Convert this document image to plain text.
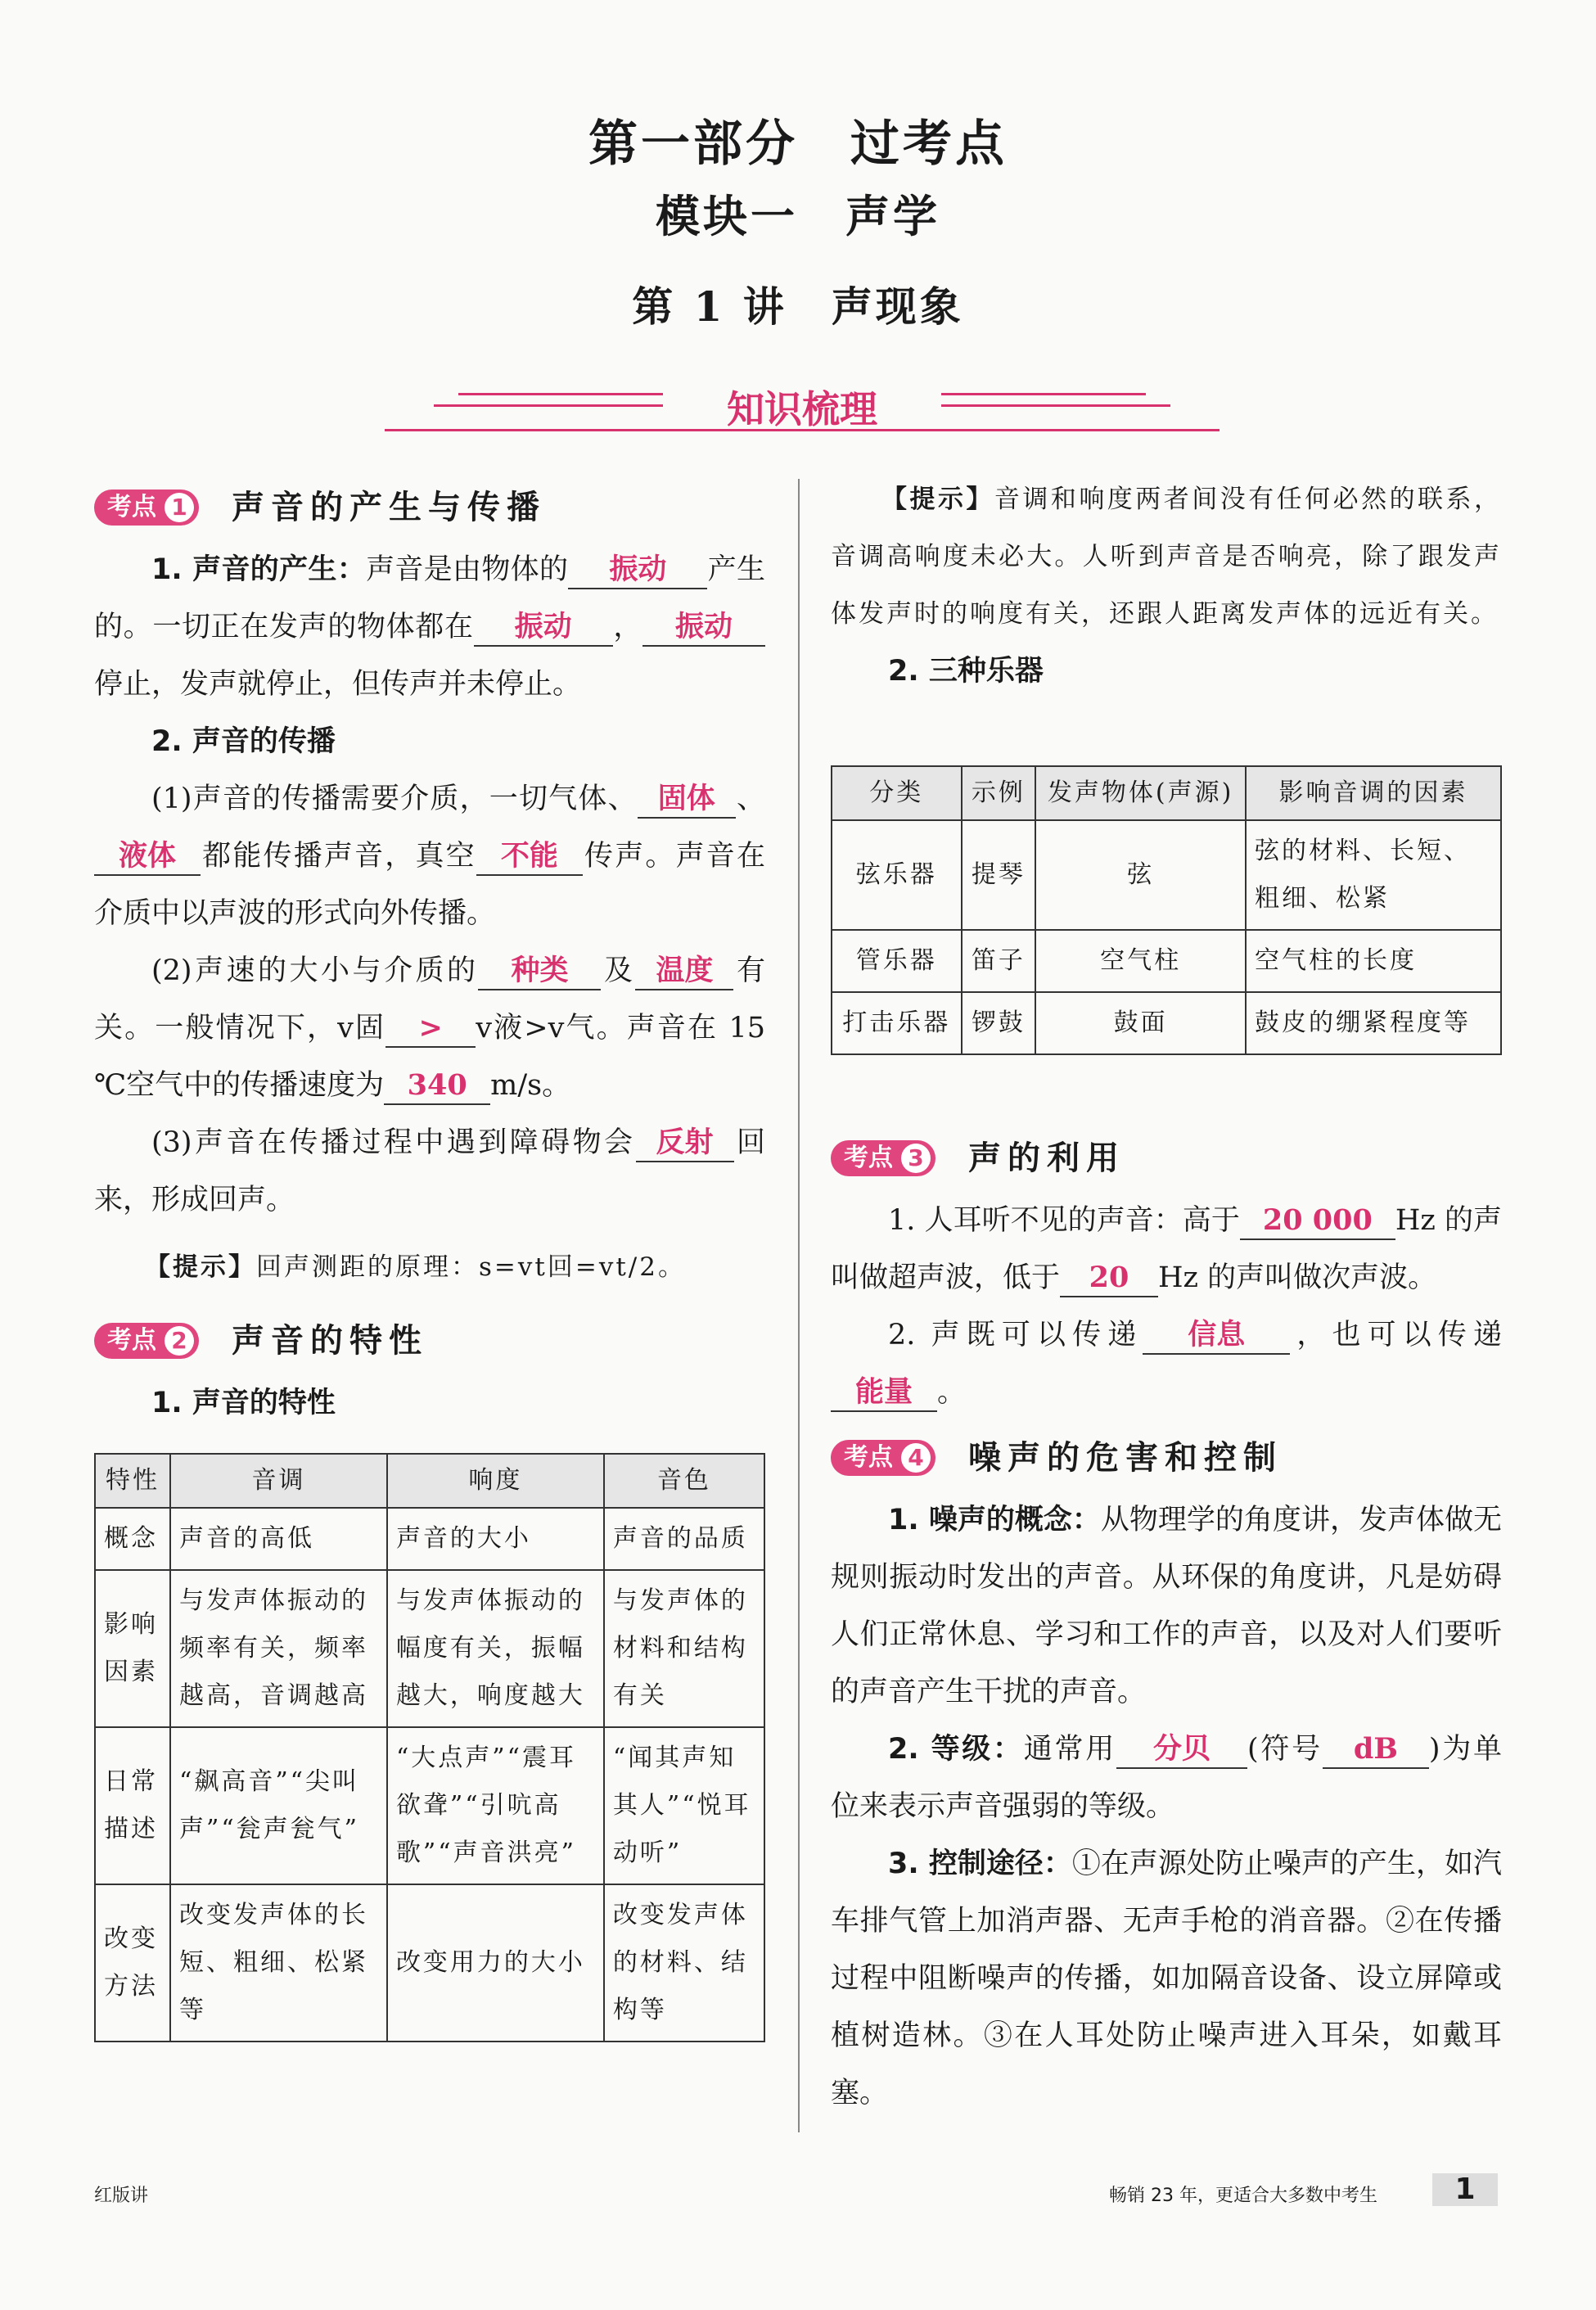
第一部分　过考点
模块一　声学
第 1 讲　声现象
知识梳理
考点 1 声音的产生与传播

1. 声音的产生：声音是由物体的 振动 产生的。一切正在发声的物体都在 振动 ， 振动停止，发声就停止，但传声并未停止。

2. 声音的传播

(1)声音的传播需要介质，一切气体、 固体 、液体 都能传播声音，真空 不能 传声。声音在介质中以声波的形式向外传播。

(2)声速的大小与介质的 种类 及 温度 有关。一般情况下，v固 > v液>v气。声音在 15 ℃空气中的传播速度为 340 m/s。

(3)声音在传播过程中遇到障碍物会 反射 回来，形成回声。

【提示】回声测距的原理：s=vt回=vt/2。

考点 2 声音的特性

1. 声音的特性

特性	音调	响度	音色
概念	声音的高低	声音的大小	声音的品质
影响因素	与发声体振动的频率有关，频率越高，音调越高	与发声体振动的幅度有关，振幅越大，响度越大	与发声体的材料和结构有关
日常描述	“飙高音”“尖叫声”“瓮声瓮气”	“大点声”“震耳欲聋”“引吭高歌”“声音洪亮”	“闻其声知其人”“悦耳动听”
改变方法	改变发声体的长短、粗细、松紧等	改变用力的大小	改变发声体的材料、结构等

【提示】音调和响度两者间没有任何必然的联系，音调高响度未必大。人听到声音是否响亮，除了跟发声体发声时的响度有关，还跟人距离发声体的远近有关。

2. 三种乐器

分类	示例	发声物体(声源)	影响音调的因素
弦乐器	提琴	弦	弦的材料、长短、粗细、松紧
管乐器	笛子	空气柱	空气柱的长度
打击乐器	锣鼓	鼓面	鼓皮的绷紧程度等
考点 3 声的利用

1. 人耳听不见的声音：高于 20 000 Hz 的声叫做超声波，低于 20 Hz 的声叫做次声波。

2. 声既可以传递 信息 ，也可以传递能量 。

考点 4 噪声的危害和控制

1. 噪声的概念：从物理学的角度讲，发声体做无规则振动时发出的声音。从环保的角度讲，凡是妨碍人们正常休息、学习和工作的声音，以及对人们要听的声音产生干扰的声音。

2. 等级：通常用 分贝 (符号 dB )为单位来表示声音强弱的等级。

3. 控制途径：①在声源处防止噪声的产生，如汽车排气管上加消声器、无声手枪的消音器。②在传播过程中阻断噪声的传播，如加隔音设备、设立屏障或植树造林。③在人耳处防止噪声进入耳朵，如戴耳塞。

红版讲	畅销 23 年，更适合大多数中考生	1
